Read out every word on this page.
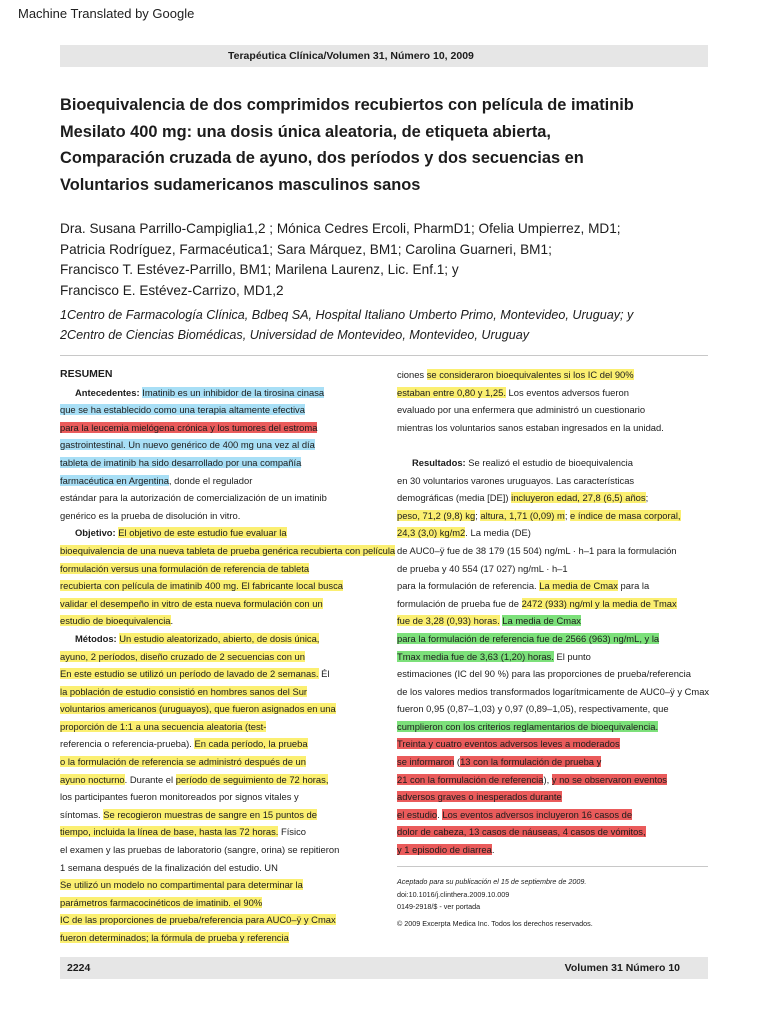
Machine Translated by Google
Terapéutica Clínica/Volumen 31, Número 10, 2009
Bioequivalencia de dos comprimidos recubiertos con película de imatinib
Mesilato 400 mg: una dosis única aleatoria, de etiqueta abierta,
Comparación cruzada de ayuno, dos períodos y dos secuencias en
Voluntarios sudamericanos masculinos sanos
Dra. Susana Parrillo-Campiglia1,2 ; Mónica Cedres Ercoli, PharmD1; Ofelia Umpierrez, MD1;
Patricia Rodríguez, Farmacéutica1; Sara Márquez, BM1; Carolina Guarneri, BM1;
Francisco T. Estévez-Parrillo, BM1; Marilena Laurenz, Lic. Enf.1; y
Francisco E. Estévez-Carrizo, MD1,2
1Centro de Farmacología Clínica, Bdbeq SA, Hospital Italiano Umberto Primo, Montevideo, Uruguay; y
2Centro de Ciencias Biomédicas, Universidad de Montevideo, Montevideo, Uruguay
RESUMEN
Antecedentes: Imatinib es un inhibidor de la tirosina cinasa
que se ha establecido como una terapia altamente efectiva
para la leucemia mielógena crónica y los tumores del estroma
gastrointestinal. Un nuevo genérico de 400 mg una vez al día
tableta de imatinib ha sido desarrollado por una compañía
farmacéutica en Argentina, donde el regulador
estándar para la autorización de comercialización de un imatinib
genérico es la prueba de disolución in vitro.
Objetivo: El objetivo de este estudio fue evaluar la
bioequivalencia de una nueva tableta de prueba genérica recubierta con película
formulación versus una formulación de referencia de tableta
recubierta con película de imatinib 400 mg. El fabricante local busca
validar el desempeño in vitro de esta nueva formulación con un
estudio de bioequivalencia.
Métodos: Un estudio aleatorizado, abierto, de dosis única,
ayuno, 2 períodos, diseño cruzado de 2 secuencias con un
En este estudio se utilizó un período de lavado de 2 semanas. Él
la población de estudio consistió en hombres sanos del Sur
voluntarios americanos (uruguayos), que fueron asignados en una
proporción de 1:1 a una secuencia aleatoria (test-
referencia o referencia-prueba). En cada período, la prueba
o la formulación de referencia se administró después de un
ayuno nocturno. Durante el período de seguimiento de 72 horas,
los participantes fueron monitoreados por signos vitales y
síntomas. Se recogieron muestras de sangre en 15 puntos de
tiempo, incluida la línea de base, hasta las 72 horas. Físico
el examen y las pruebas de laboratorio (sangre, orina) se repitieron
1 semana después de la finalización del estudio. UN
Se utilizó un modelo no compartimental para determinar la
parámetros farmacocinéticos de imatinib. el 90%
IC de las proporciones de prueba/referencia para AUC0–ÿ y Cmax
fueron determinados; la fórmula de prueba y referencia
ciones se consideraron bioequivalentes si los IC del 90%
estaban entre 0,80 y 1,25. Los eventos adversos fueron
evaluado por una enfermera que administró un cuestionario
mientras los voluntarios sanos estaban ingresados en la unidad.
Resultados: Se realizó el estudio de bioequivalencia
en 30 voluntarios varones uruguayos. Las características
demográficas (media [DE]) incluyeron edad, 27,8 (6,5) años;
peso, 71,2 (9,8) kg; altura, 1,71 (0,09) m; e índice de masa corporal,
24,3 (3,0) kg/m2. La media (DE)
de AUC0–ÿ fue de 38 179 (15 504) ng/mL · h–1 para la formulación
de prueba y 40 554 (17 027) ng/mL · h–1
para la formulación de referencia. La media de Cmax para la
formulación de prueba fue de 2472 (933) ng/ml y la media de Tmax
fue de 3,28 (0,93) horas. La media de Cmax
para la formulación de referencia fue de 2566 (963) ng/mL, y la
Tmax media fue de 3,63 (1,20) horas. El punto
estimaciones (IC del 90 %) para las proporciones de prueba/referencia
de los valores medios transformados logarítmicamente de AUC0–ÿ y Cmax
fueron 0,95 (0,87–1,03) y 0,97 (0,89–1,05), respectivamente, que
cumplieron con los criterios reglamentarios de bioequivalencia.
Treinta y cuatro eventos adversos leves a moderados
se informaron (13 con la formulación de prueba y
21 con la formulación de referencia), y no se observaron eventos
adversos graves o inesperados durante
el estudio. Los eventos adversos incluyeron 16 casos de
dolor de cabeza, 13 casos de náuseas, 4 casos de vómitos,
y 1 episodio de diarrea.
Aceptado para su publicación el 15 de septiembre de 2009.
doi:10.1016/j.clinthera.2009.10.009
0149-2918/$ - ver portada
© 2009 Excerpta Medica Inc. Todos los derechos reservados.
2224	Volumen 31 Número 10
